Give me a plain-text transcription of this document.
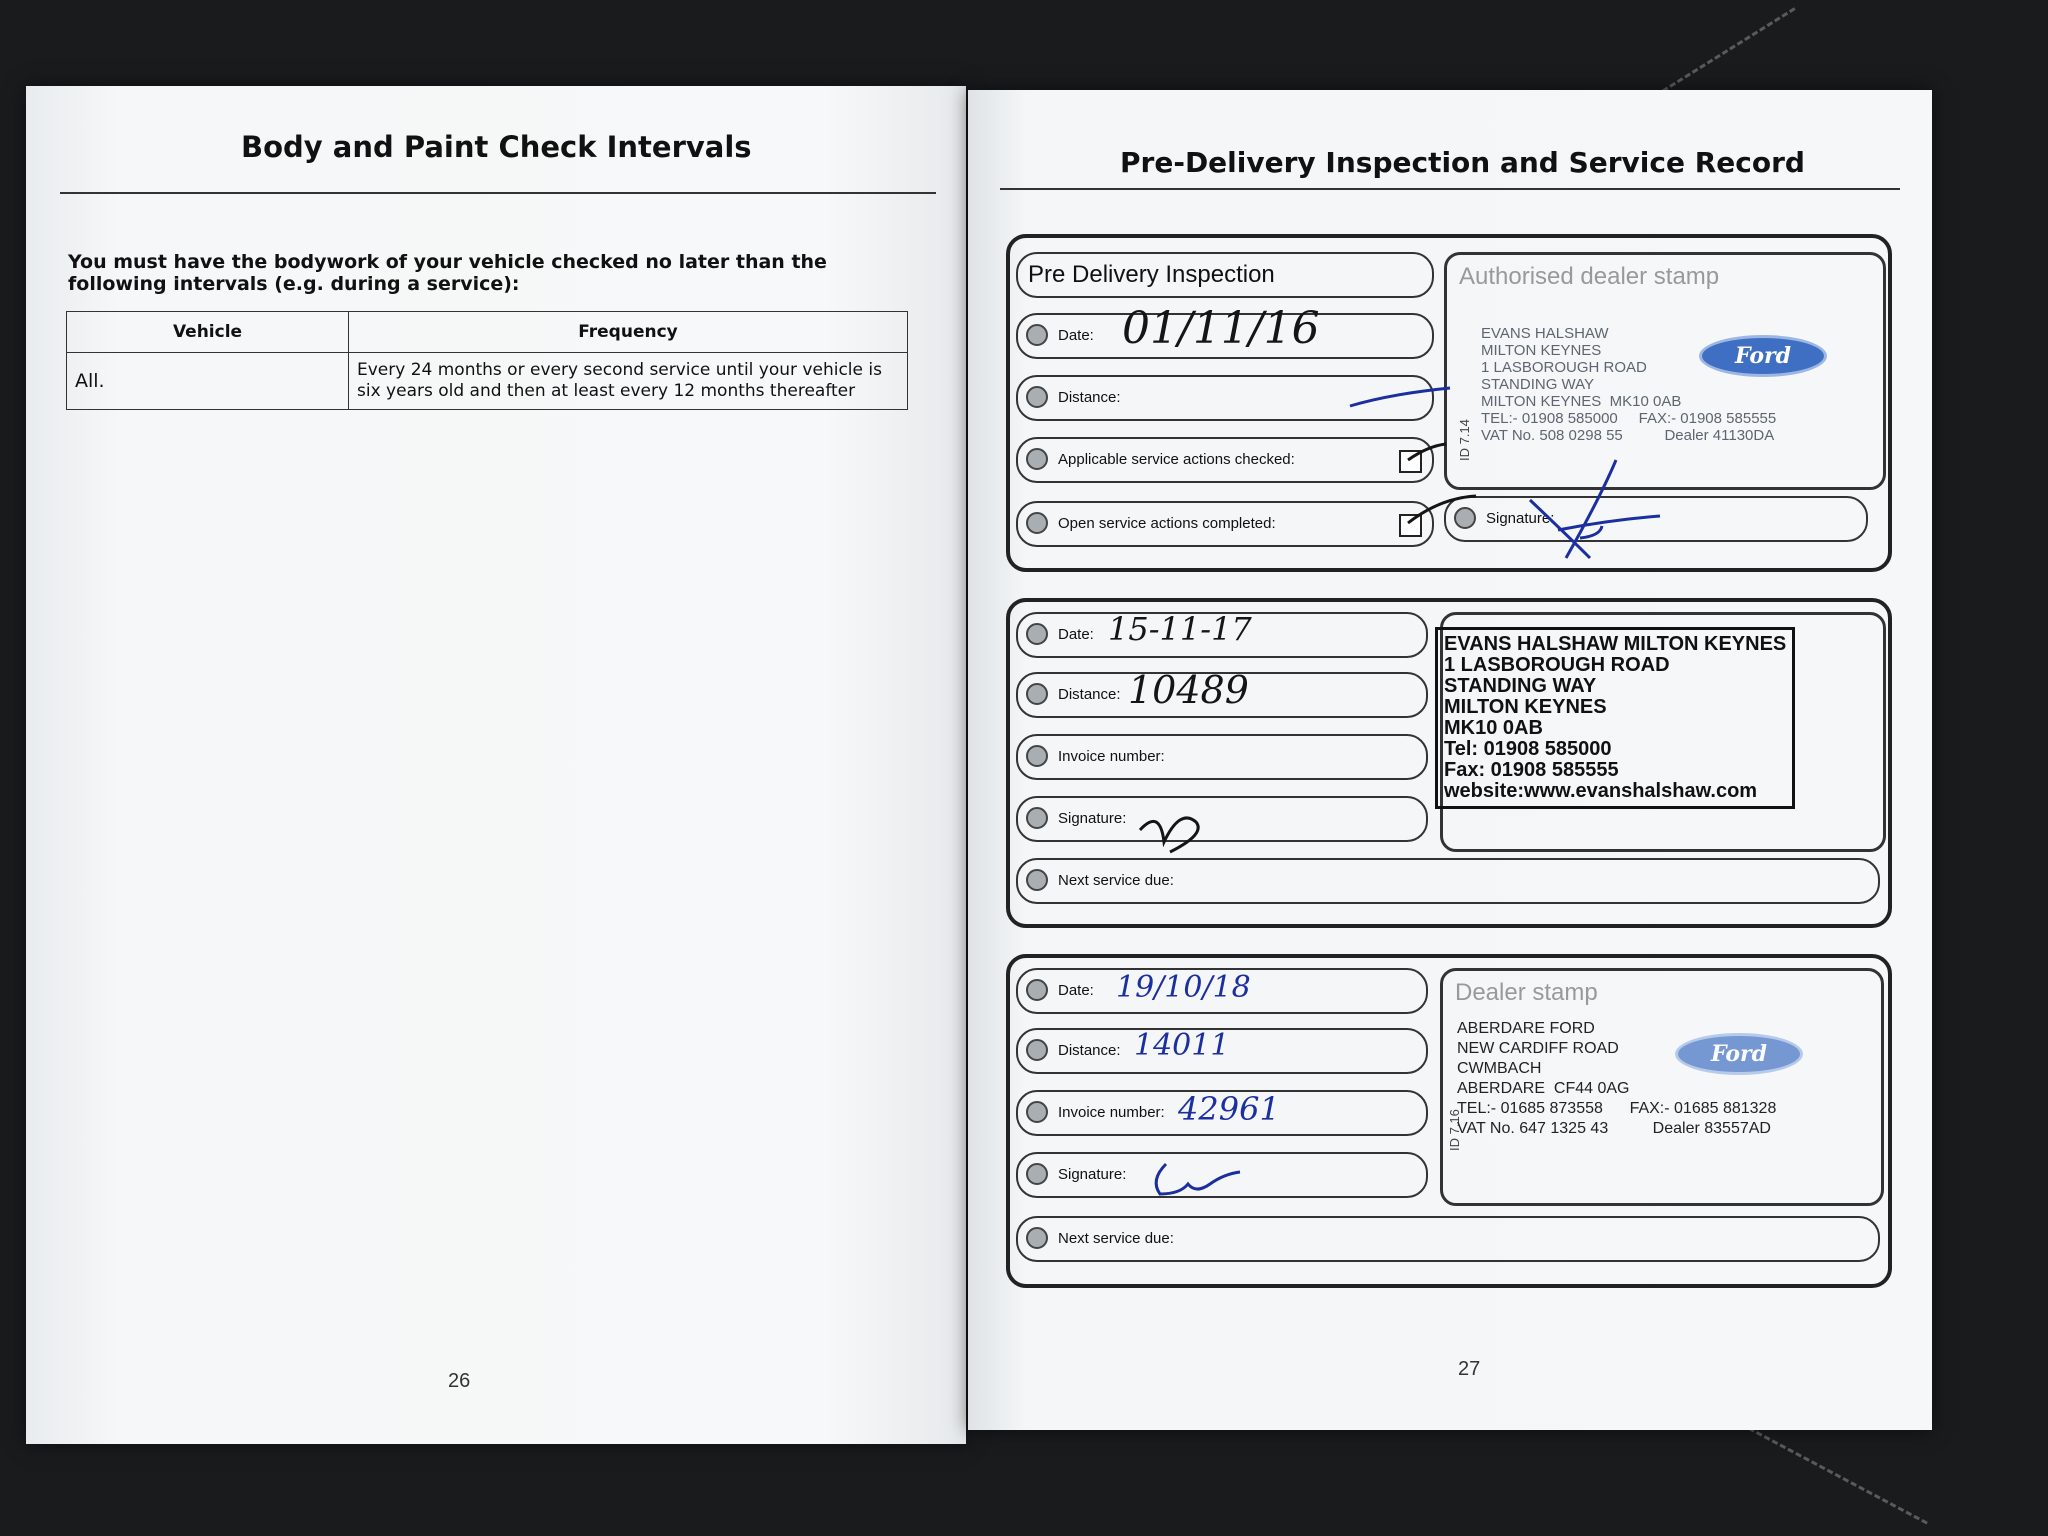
Body and Paint Check Intervals

You must have the bodywork of your vehicle checked no later than the following intervals (e.g. during a service):

Vehicle	Frequency
All.	Every 24 months or every second service until your vehicle is six years old and then at least every 12 months thereafter
26
Pre-Delivery Inspection and Service Record
Pre Delivery Inspection
Date: 01/11/16
Distance:
Applicable service actions checked:
Open service actions completed:
Authorised dealer stamp
EVANS HALSHAW
MILTON KEYNES
1 LASBOROUGH ROAD
STANDING WAY
MILTON KEYNES  MK10 0AB
TEL:- 01908 585000     FAX:- 01908 585555
VAT No. 508 0298 55          Dealer 41130DA
Ford
ID 7.14
Signature:
Date: 15-11-17
Distance: 10489
Invoice number:
Signature:
Next service due:
EVANS HALSHAW MILTON KEYNES
1 LASBOROUGH ROAD
STANDING WAY
MILTON KEYNES
MK10 0AB
Tel: 01908 585000
Fax: 01908 585555
website:www.evanshalshaw.com
Date: 19/10/18
Distance: 14011
Invoice number: 42961
Signature:
Next service due:
Dealer stamp
ABERDARE FORD
NEW CARDIFF ROAD
CWMBACH
ABERDARE  CF44 0AG
TEL:- 01685 873558      FAX:- 01685 881328
VAT No. 647 1325 43          Dealer 83557AD
Ford
ID 7.16
27
